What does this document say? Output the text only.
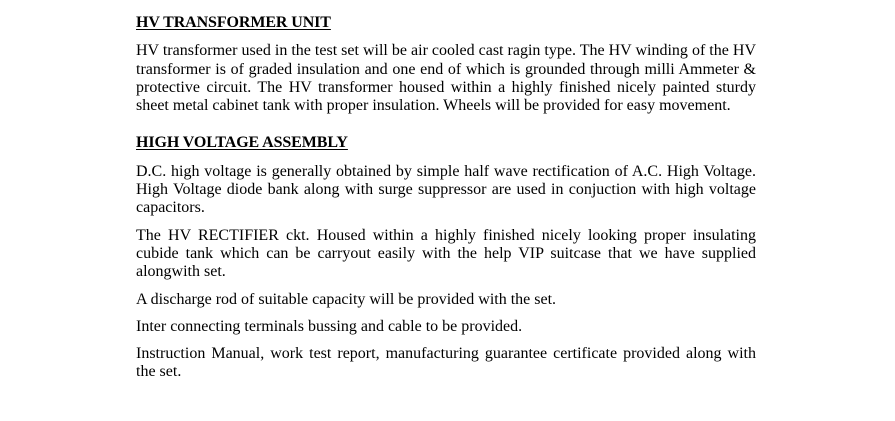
HV TRANSFORMER UNIT

HV transformer used in the test set will be air cooled cast ragin type. The HV winding of the HV transformer is of graded insulation and one end of which is grounded through milli Ammeter & protective circuit. The HV transformer housed within a highly finished nicely painted sturdy sheet metal cabinet tank with proper insulation. Wheels will be provided for easy movement.

HIGH VOLTAGE ASSEMBLY

D.C. high voltage is generally obtained by simple half wave rectification of A.C. High Voltage. High Voltage diode bank along with surge suppressor are used in conjuction with high voltage capacitors.

The HV RECTIFIER ckt. Housed within a highly finished nicely looking proper insulating cubide tank which can be carryout easily with the help VIP suitcase that we have supplied alongwith set.

A discharge rod of suitable capacity will be provided with the set.

Inter connecting terminals bussing and cable to be provided.

Instruction Manual, work test report, manufacturing guarantee certificate provided along with the set.
